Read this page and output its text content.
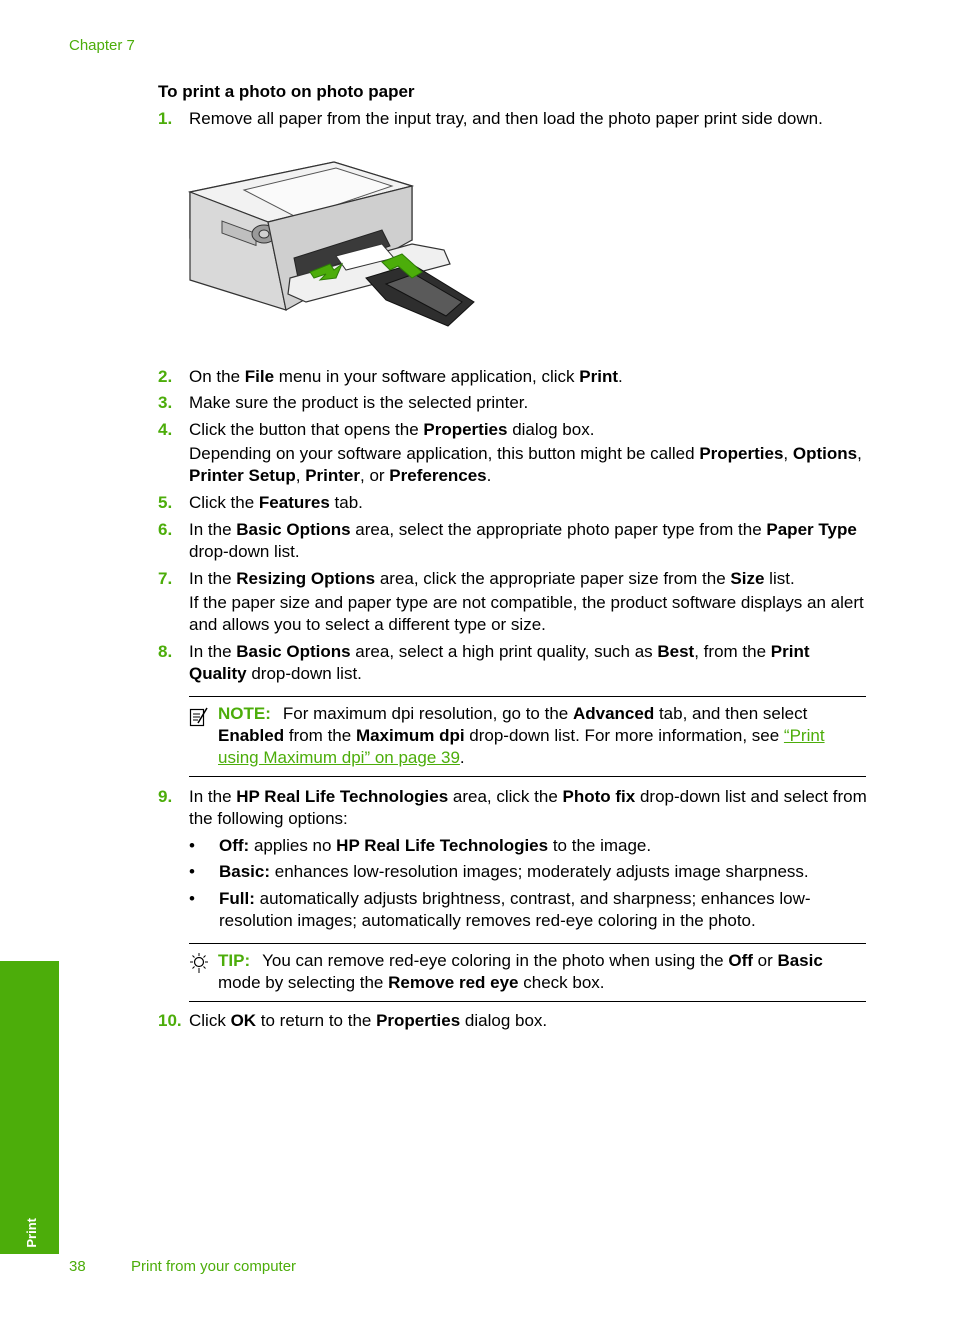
Chapter 7
To print a photo on photo paper
1. Remove all paper from the input tray, and then load the photo paper print side down.
2. On the File menu in your software application, click Print.
3. Make sure the product is the selected printer.
4. Click the button that opens the Properties dialog box.
Depending on your software application, this button might be called Properties, Options, Printer Setup, Printer, or Preferences.
5. Click the Features tab.
6. In the Basic Options area, select the appropriate photo paper type from the Paper Type drop-down list.
7. In the Resizing Options area, click the appropriate paper size from the Size list.
If the paper size and paper type are not compatible, the product software displays an alert and allows you to select a different type or size.
8. In the Basic Options area, select a high print quality, such as Best, from the Print Quality drop-down list.
NOTE: For maximum dpi resolution, go to the Advanced tab, and then select Enabled from the Maximum dpi drop-down list. For more information, see “Print using Maximum dpi” on page 39.
9. In the HP Real Life Technologies area, click the Photo fix drop-down list and select from the following options:
• Off: applies no HP Real Life Technologies to the image.
• Basic: enhances low-resolution images; moderately adjusts image sharpness.
• Full: automatically adjusts brightness, contrast, and sharpness; enhances low-resolution images; automatically removes red-eye coloring in the photo.
TIP: You can remove red-eye coloring in the photo when using the Off or Basic mode by selecting the Remove red eye check box.
10. Click OK to return to the Properties dialog box.
Print
38	Print from your computer
